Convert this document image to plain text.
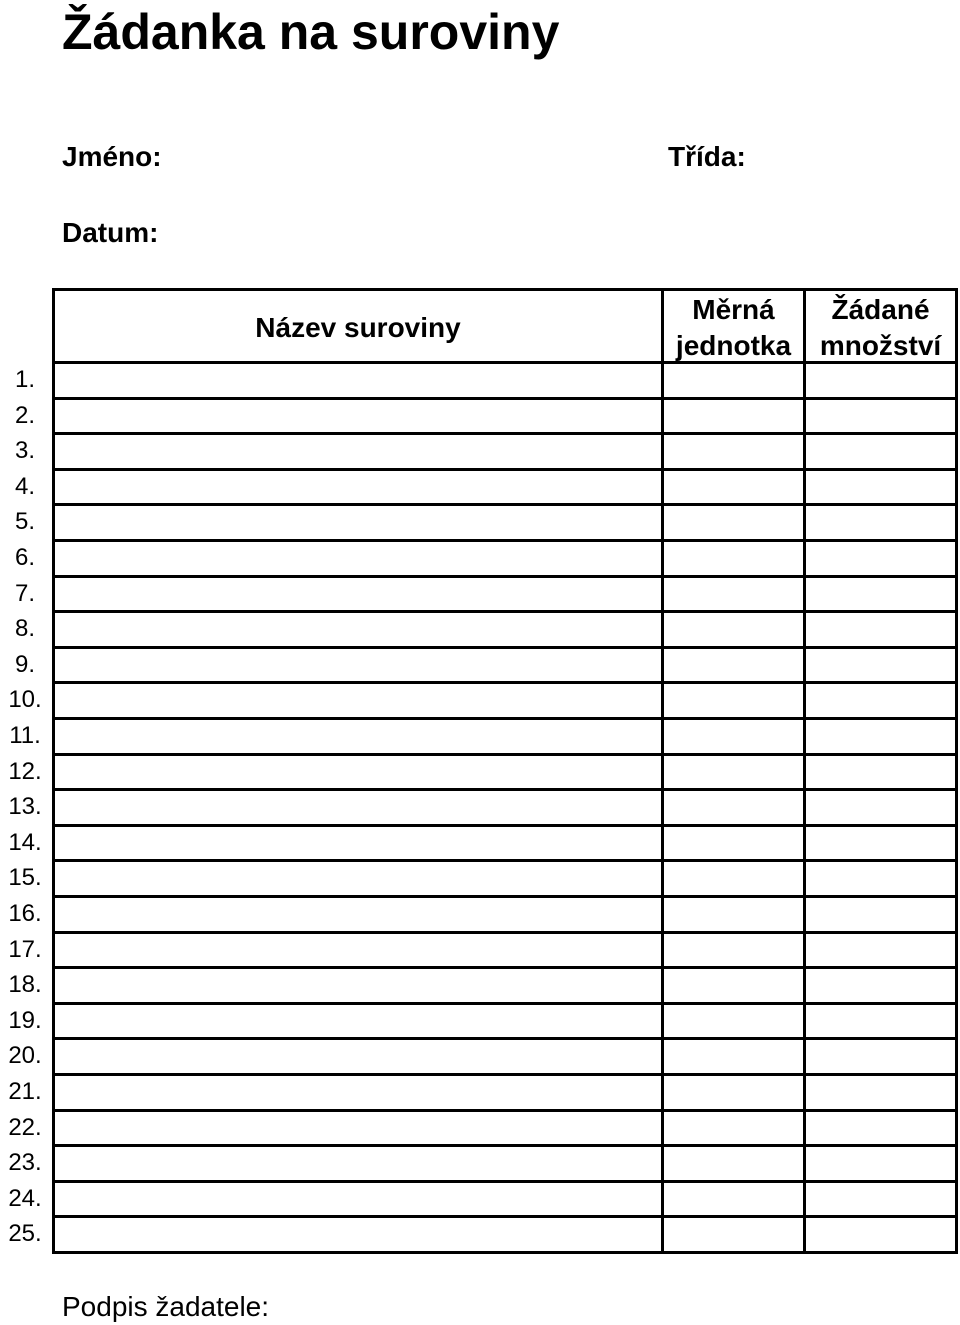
Žádanka na suroviny
Jméno:	Třída:
Datum:
1.
2.
3.
4.
5.
6.
7.
8.
9.
10.
11.
12.
13.
14.
15.
16.
17.
18.
19.
20.
21.
22.
23.
24.
25.
Název suroviny
Měrná
jednotka
Žádané
množství
Podpis žadatele:
